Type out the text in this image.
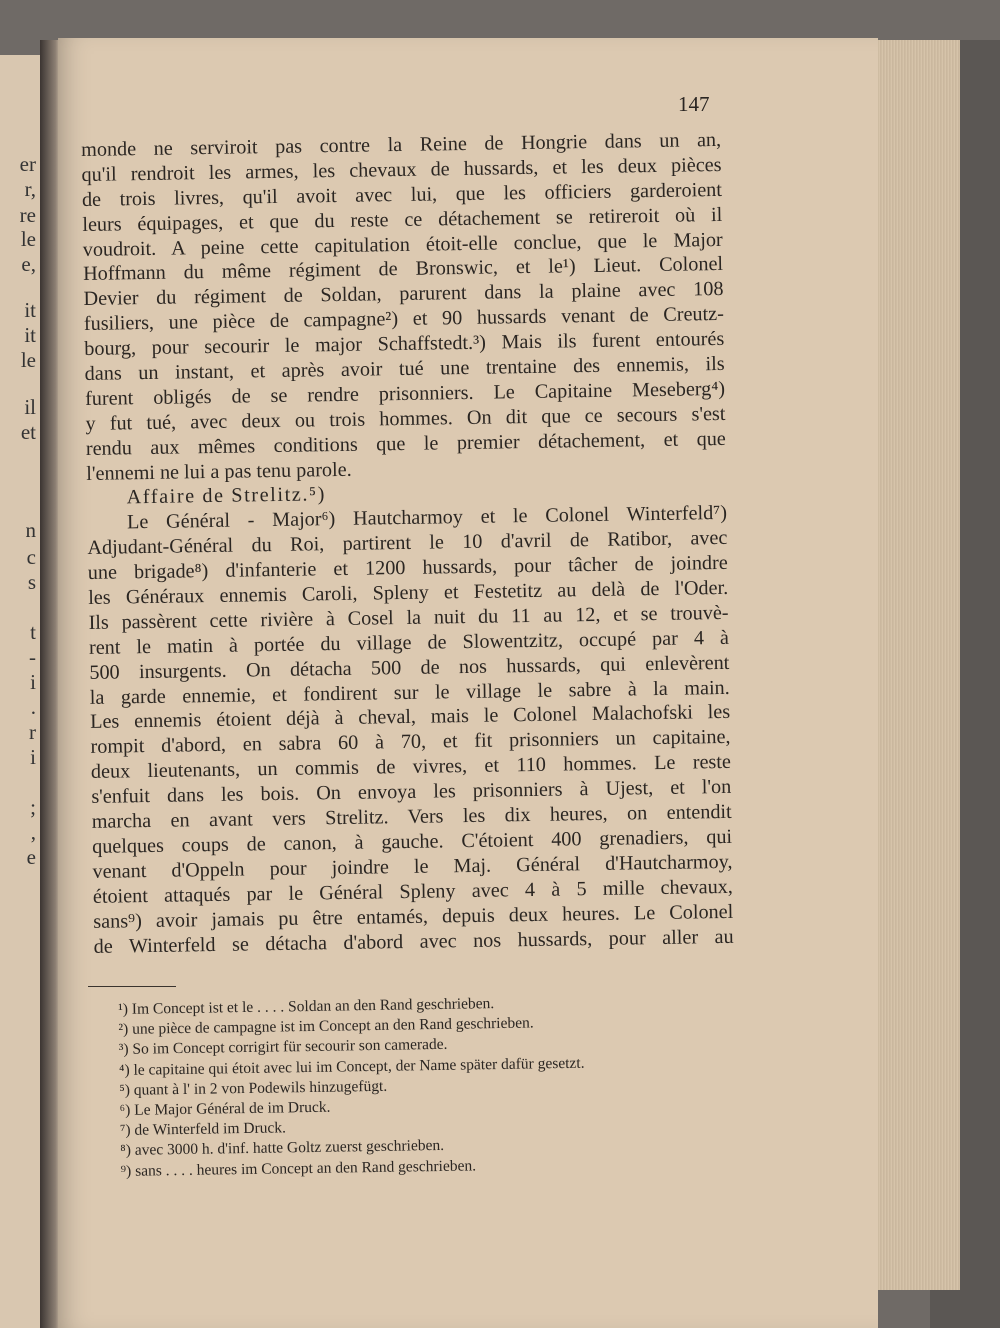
er
r,
re
le
e,
it
it
le
il
et
n
c
s
t
-
i
.
r
i
;
,
e
147
monde ne serviroit pas contre la Reine de Hongrie dans un an,
qu'il rendroit les armes, les chevaux de hussards, et les deux pièces
de trois livres, qu'il avoit avec lui, que les officiers garderoient
leurs équipages, et que du reste ce détachement se retireroit où il
voudroit. A peine cette capitulation étoit-elle conclue, que le Major
Hoffmann du même régiment de Bronswic, et le¹) Lieut. Colonel
Devier du régiment de Soldan, parurent dans la plaine avec 108
fusiliers, une pièce de campagne²) et 90 hussards venant de Creutz-
bourg, pour secourir le major Schaffstedt.³) Mais ils furent entourés
dans un instant, et après avoir tué une trentaine des ennemis, ils
furent obligés de se rendre prisonniers. Le Capitaine Meseberg⁴)
y fut tué, avec deux ou trois hommes. On dit que ce secours s'est
rendu aux mêmes conditions que le premier détachement, et que
l'ennemi ne lui a pas tenu parole.
Affaire de Strelitz.⁵)
Le Général - Major⁶) Hautcharmoy et le Colonel Winterfeld⁷)
Adjudant-Général du Roi, partirent le 10 d'avril de Ratibor, avec
une brigade⁸) d'infanterie et 1200 hussards, pour tâcher de joindre
les Généraux ennemis Caroli, Spleny et Festetitz au delà de l'Oder.
Ils passèrent cette rivière à Cosel la nuit du 11 au 12, et se trouvè-
rent le matin à portée du village de Slowentzitz, occupé par 4 à
500 insurgents. On détacha 500 de nos hussards, qui enlevèrent
la garde ennemie, et fondirent sur le village le sabre à la main.
Les ennemis étoient déjà à cheval, mais le Colonel Malachofski les
rompit d'abord, en sabra 60 à 70, et fit prisonniers un capitaine,
deux lieutenants, un commis de vivres, et 110 hommes. Le reste
s'enfuit dans les bois. On envoya les prisonniers à Ujest, et l'on
marcha en avant vers Strelitz. Vers les dix heures, on entendit
quelques coups de canon, à gauche. C'étoient 400 grenadiers, qui
venant d'Oppeln pour joindre le Maj. Général d'Hautcharmoy,
étoient attaqués par le Général Spleny avec 4 à 5 mille chevaux,
sans⁹) avoir jamais pu être entamés, depuis deux heures. Le Colonel
de Winterfeld se détacha d'abord avec nos hussards, pour aller au
¹) Im Concept ist et le . . . . Soldan an den Rand geschrieben.
²) une pièce de campagne ist im Concept an den Rand geschrieben.
³) So im Concept corrigirt für secourir son camerade.
⁴) le capitaine qui étoit avec lui im Concept, der Name später dafür gesetzt.
⁵) quant à l' in 2 von Podewils hinzugefügt.
⁶) Le Major Général de im Druck.
⁷) de Winterfeld im Druck.
⁸) avec 3000 h. d'inf. hatte Goltz zuerst geschrieben.
⁹) sans . . . . heures im Concept an den Rand geschrieben.
